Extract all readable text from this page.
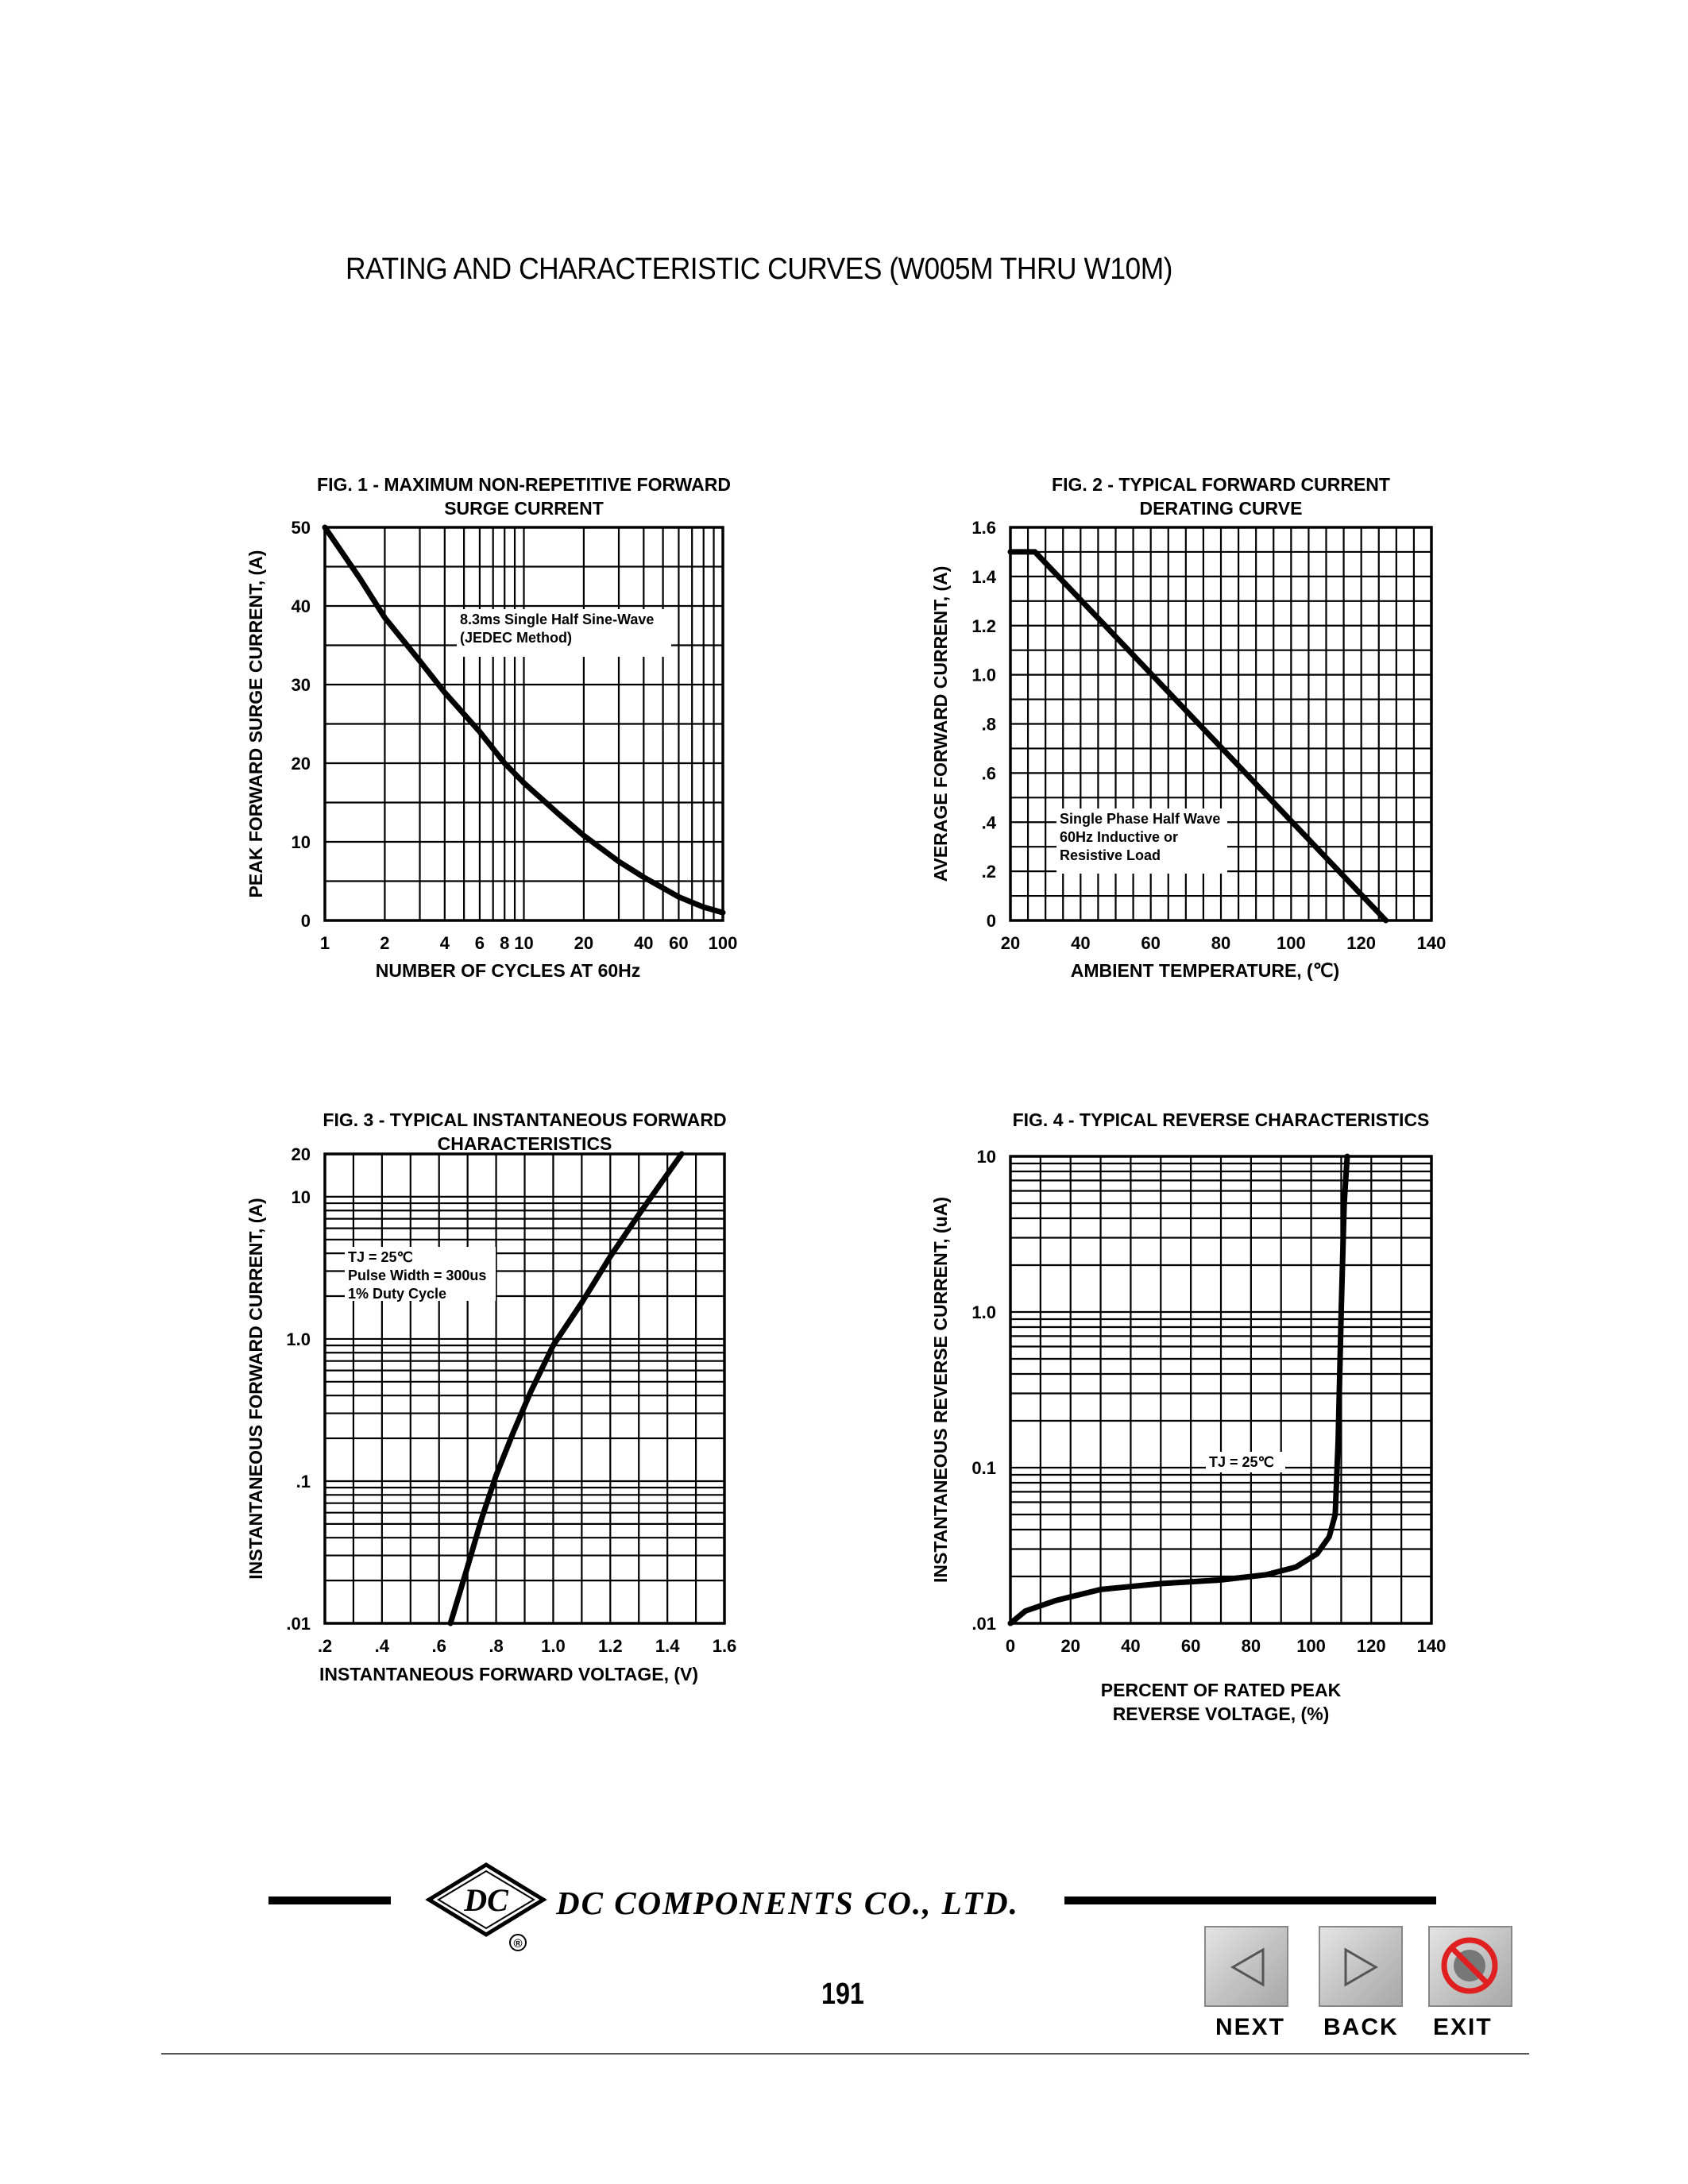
RATING AND CHARACTERISTIC CURVES (W005M THRU W10M)
FIG. 1 - MAXIMUM NON-REPETITIVE FORWARD
SURGE CURRENT
8.3ms Single Half Sine-Wave
(JEDEC Method)
1	2	4 6 8 10 20 40 60 100
0
10
20
30
40
50
NUMBER OF CYCLES AT 60Hz
PEAK FORWARD SURGE CURRENT, (A)
FIG. 2 - TYPICAL FORWARD CURRENT
DERATING CURVE
Single Phase Half Wave
60Hz Inductive or
Resistive Load
20	40	60	80	100 120 140
0
.2
.4
.6
.8
1.0
1.2
1.4
1.6
AMBIENT TEMPERATURE, (℃)
AVERAGE FORWARD CURRENT, (A)
FIG. 3 - TYPICAL INSTANTANEOUS FORWARD
CHARACTERISTICS
TJ = 25℃
Pulse Width = 300us
1% Duty Cycle
.2 .4 .6 .8 1.0 1.2 1.4 1.6
.01
.1
1.0
10
20
INSTANTANEOUS FORWARD VOLTAGE, (V)
INSTANTANEOUS FORWARD CURRENT, (A)
FIG. 4 - TYPICAL REVERSE CHARACTERISTICS
TJ = 25℃
0	20 40 60 80 100 120 140
.01
0.1
1.0
10
PERCENT OF RATED PEAK
REVERSE VOLTAGE, (%)
INSTANTANEOUS REVERSE CURRENT, (uA)
DC
®
DC COMPONENTS CO., LTD.
191
NEXT BACK EXIT
